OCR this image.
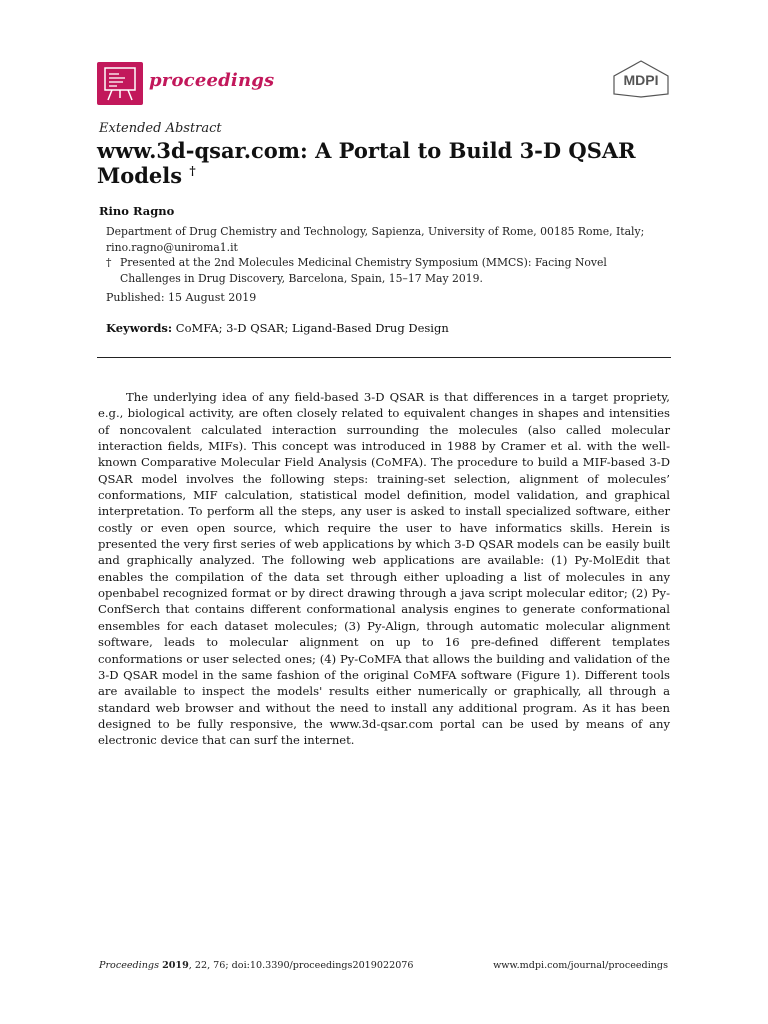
proceedings	MDPI
Extended Abstract
www.3d-qsar.com: A Portal to Build 3-D QSAR Models †
Rino Ragno
Department of Drug Chemistry and Technology, Sapienza, University of Rome, 00185 Rome, Italy; rino.ragno@uniroma1.it
† Presented at the 2nd Molecules Medicinal Chemistry Symposium (MMCS): Facing Novel Challenges in Drug Discovery, Barcelona, Spain, 15–17 May 2019.
Published: 15 August 2019
Keywords: CoMFA; 3-D QSAR; Ligand-Based Drug Design
The underlying idea of any field-based 3-D QSAR is that differences in a target propriety, e.g., biological activity, are often closely related to equivalent changes in shapes and intensities of noncovalent calculated interaction surrounding the molecules (also called molecular interaction fields, MIFs). This concept was introduced in 1988 by Cramer et al. with the well-known Comparative Molecular Field Analysis (CoMFA). The procedure to build a MIF-based 3-D QSAR model involves the following steps: training-set selection, alignment of molecules’ conformations, MIF calculation, statistical model definition, model validation, and graphical interpretation. To perform all the steps, any user is asked to install specialized software, either costly or even open source, which require the user to have informatics skills. Herein is presented the very first series of web applications by which 3-D QSAR models can be easily built and graphically analyzed. The following web applications are available: (1) Py-MolEdit that enables the compilation of the data set through either uploading a list of molecules in any openbabel recognized format or by direct drawing through a java script molecular editor; (2) Py-ConfSerch that contains different conformational analysis engines to generate conformational ensembles for each dataset molecules; (3) Py-Align, through automatic molecular alignment software, leads to molecular alignment on up to 16 pre-defined different templates conformations or user selected ones; (4) Py-CoMFA that allows the building and validation of the 3-D QSAR model in the same fashion of the original CoMFA software (Figure 1). Different tools are available to inspect the models' results either numerically or graphically, all through a standard web browser and without the need to install any additional program. As it has been designed to be fully responsive, the www.3d-qsar.com portal can be used by means of any electronic device that can surf the internet.
Proceedings 2019, 22, 76; doi:10.3390/proceedings2019022076	www.mdpi.com/journal/proceedings
